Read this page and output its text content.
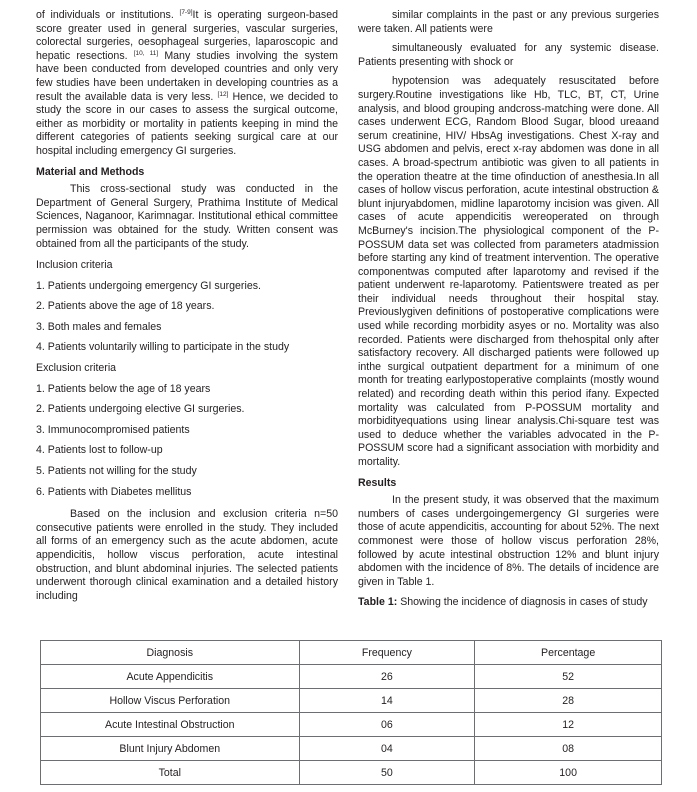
of individuals or institutions. [7-9]It is operating surgeon-based score greater used in general surgeries, vascular surgeries, colorectal surgeries, oesophageal surgeries, laparoscopic and hepatic resections. [10, 11] Many studies involving the system have been conducted from developed countries and only very few studies have been undertaken in developing countries as a result the available data is very less. [12] Hence, we decided to study the score in our cases to assess the surgical outcome, either as morbidity or mortality in patients keeping in mind the different categories of patients seeking surgical care at our hospital including emergency GI surgeries.

Material and Methods

This cross-sectional study was conducted in the Department of General Surgery, Prathima Institute of Medical Sciences, Naganoor, Karimnagar. Institutional ethical committee permission was obtained for the study. Written consent was obtained from all the participants of the study.

Inclusion criteria

1. Patients undergoing emergency GI surgeries.

2. Patients above the age of 18 years.

3. Both males and females

4. Patients voluntarily willing to participate in the study

Exclusion criteria

1. Patients below the age of 18 years

2. Patients undergoing elective GI surgeries.

3. Immunocompromised patients

4. Patients lost to follow-up

5. Patients not willing for the study

6. Patients with Diabetes mellitus

Based on the inclusion and exclusion criteria n=50 consecutive patients were enrolled in the study. They included all forms of an emergency such as the acute abdomen, acute appendicitis, hollow viscus perforation, acute intestinal obstruction, and blunt abdominal injuries. The selected patients underwent thorough clinical examination and a detailed history including

similar complaints in the past or any previous surgeries were taken. All patients were

simultaneously evaluated for any systemic disease. Patients presenting with shock or

hypotension was adequately resuscitated before surgery.Routine investigations like Hb, TLC, BT, CT, Urine analysis, and blood grouping andcross-matching were done. All cases underwent ECG, Random Blood Sugar, blood ureaand serum creatinine, HIV/ HbsAg investigations. Chest X-ray and USG abdomen and pelvis, erect x-ray abdomen was done in all cases. A broad-spectrum antibiotic was given to all patients in the operation theatre at the time ofinduction of anesthesia.In all cases of hollow viscus perforation, acute intestinal obstruction & blunt injuryabdomen, midline laparotomy incision was given. All cases of acute appendicitis wereoperated on through McBurney's incision.The physiological component of the P- POSSUM data set was collected from parameters atadmission before starting any kind of treatment intervention. The operative componentwas computed after laparotomy and revised if the patient underwent re-laparotomy. Patientswere treated as per their individual needs throughout their hospital stay. Previouslygiven definitions of postoperative complications were used while recording morbidity asyes or no. Mortality was also recorded. Patients were discharged from thehospital only after satisfactory recovery. All discharged patients were followed up inthe surgical outpatient department for a minimum of one month for treating earlypostoperative complaints (mostly wound related) and recording death within this period ifany. Expected mortality was calculated from P-POSSUM mortality and morbidityequations using linear analysis.Chi-square test was used to deduce whether the variables advocated in the P-POSSUM score had a significant association with morbidity and mortality.

Results

In the present study, it was observed that the maximum numbers of cases undergoingemergency GI surgeries were those of acute appendicitis, accounting for about 52%. The next commonest were those of hollow viscus perforation 28%, followed by acute intestinal obstruction 12% and blunt injury abdomen with the incidence of 8%. The details of incidence are given in Table 1.

Table 1: Showing the incidence of diagnosis in cases of study

Diagnosis	Frequency	Percentage
Acute Appendicitis	26	52
Hollow Viscus Perforation	14	28
Acute Intestinal Obstruction	06	12
Blunt Injury Abdomen	04	08
Total	50	100
